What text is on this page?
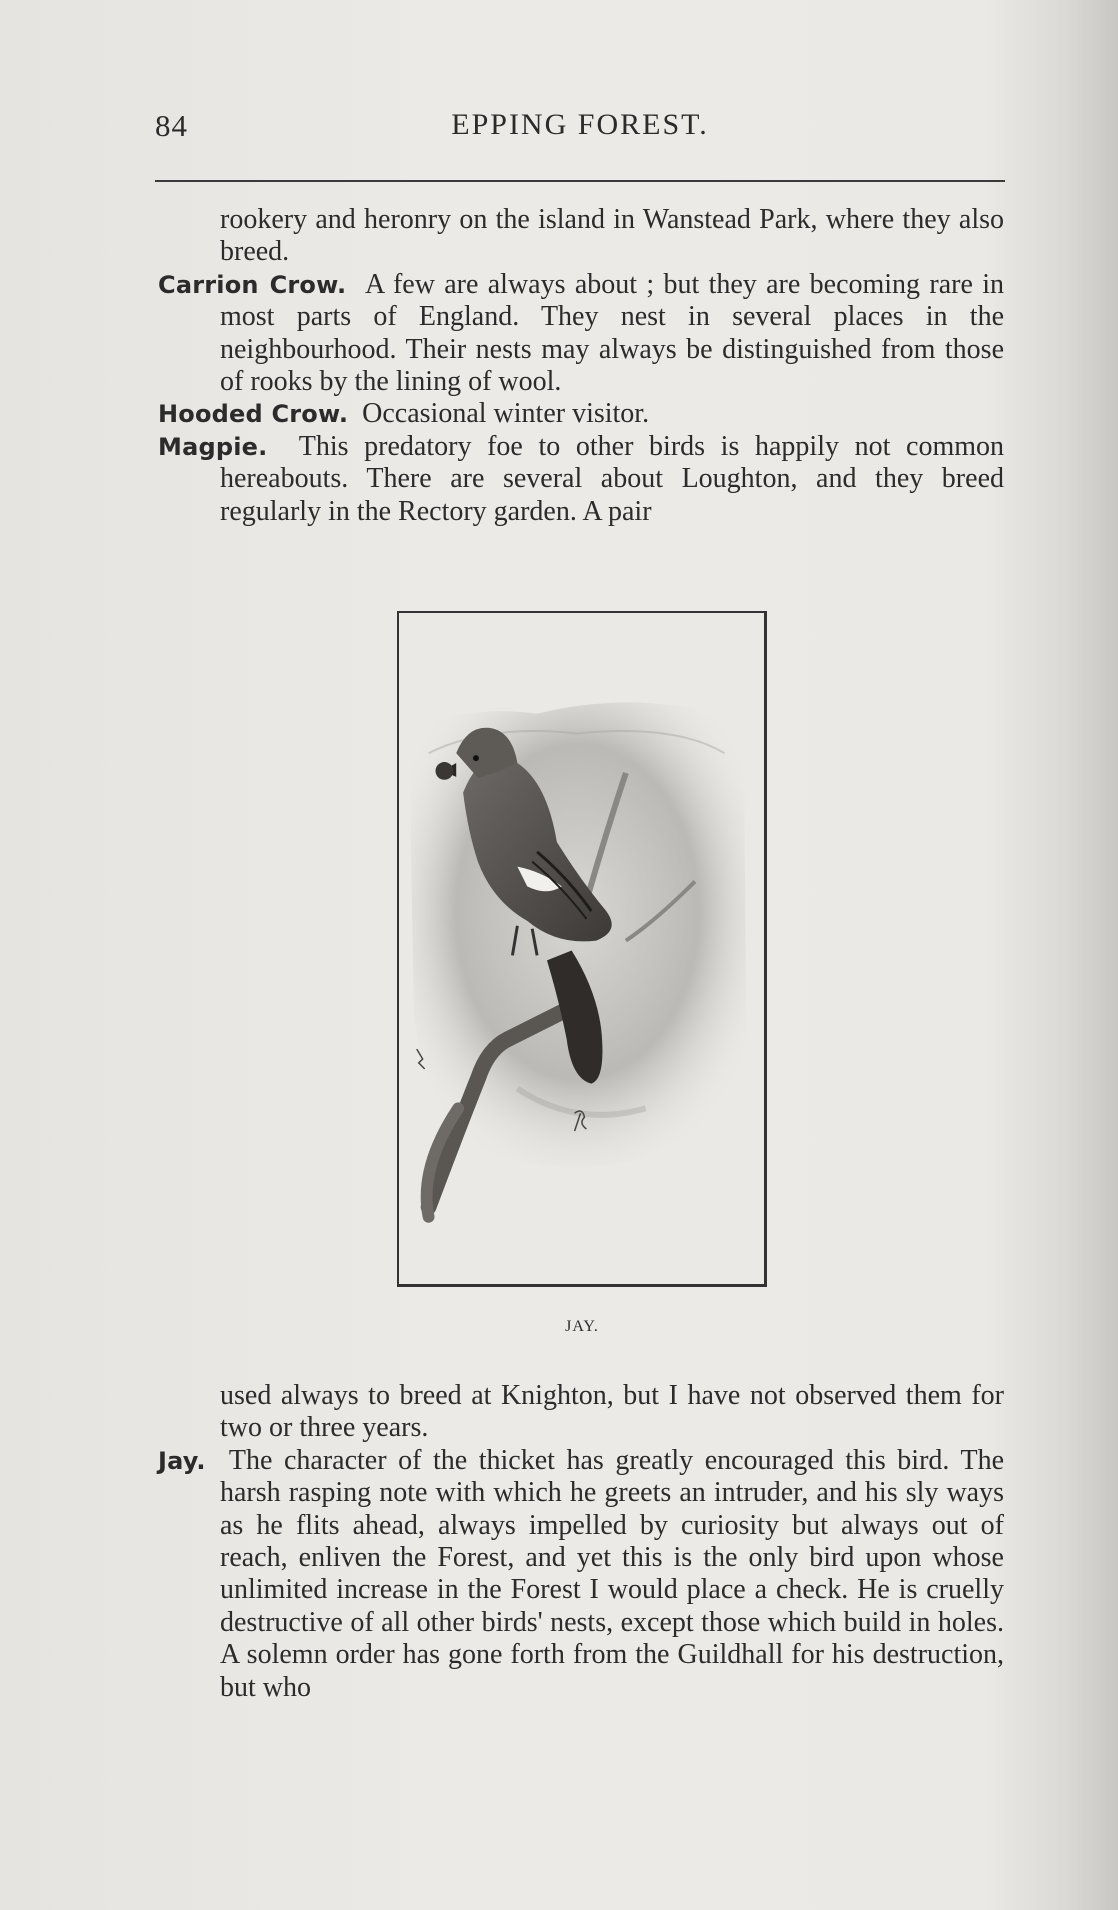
84	EPPING FOREST.

rookery and heronry on the island in Wanstead Park, where they also breed.

Carrion Crow. A few are always about ; but they are becoming rare in most parts of England. They nest in several places in the neighbourhood. Their nests may always be distinguished from those of rooks by the lining of wool.

Hooded Crow. Occasional winter visitor.

Magpie. This predatory foe to other birds is happily not common hereabouts. There are several about Loughton, and they breed regularly in the Rectory garden. A pair

JAY.

used always to breed at Knighton, but I have not observed them for two or three years.

Jay. The character of the thicket has greatly encouraged this bird. The harsh rasping note with which he greets an intruder, and his sly ways as he flits ahead, always impelled by curiosity but always out of reach, enliven the Forest, and yet this is the only bird upon whose unlimited increase in the Forest I would place a check. He is cruelly destructive of all other birds' nests, except those which build in holes. A solemn order has gone forth from the Guildhall for his destruction, but who
